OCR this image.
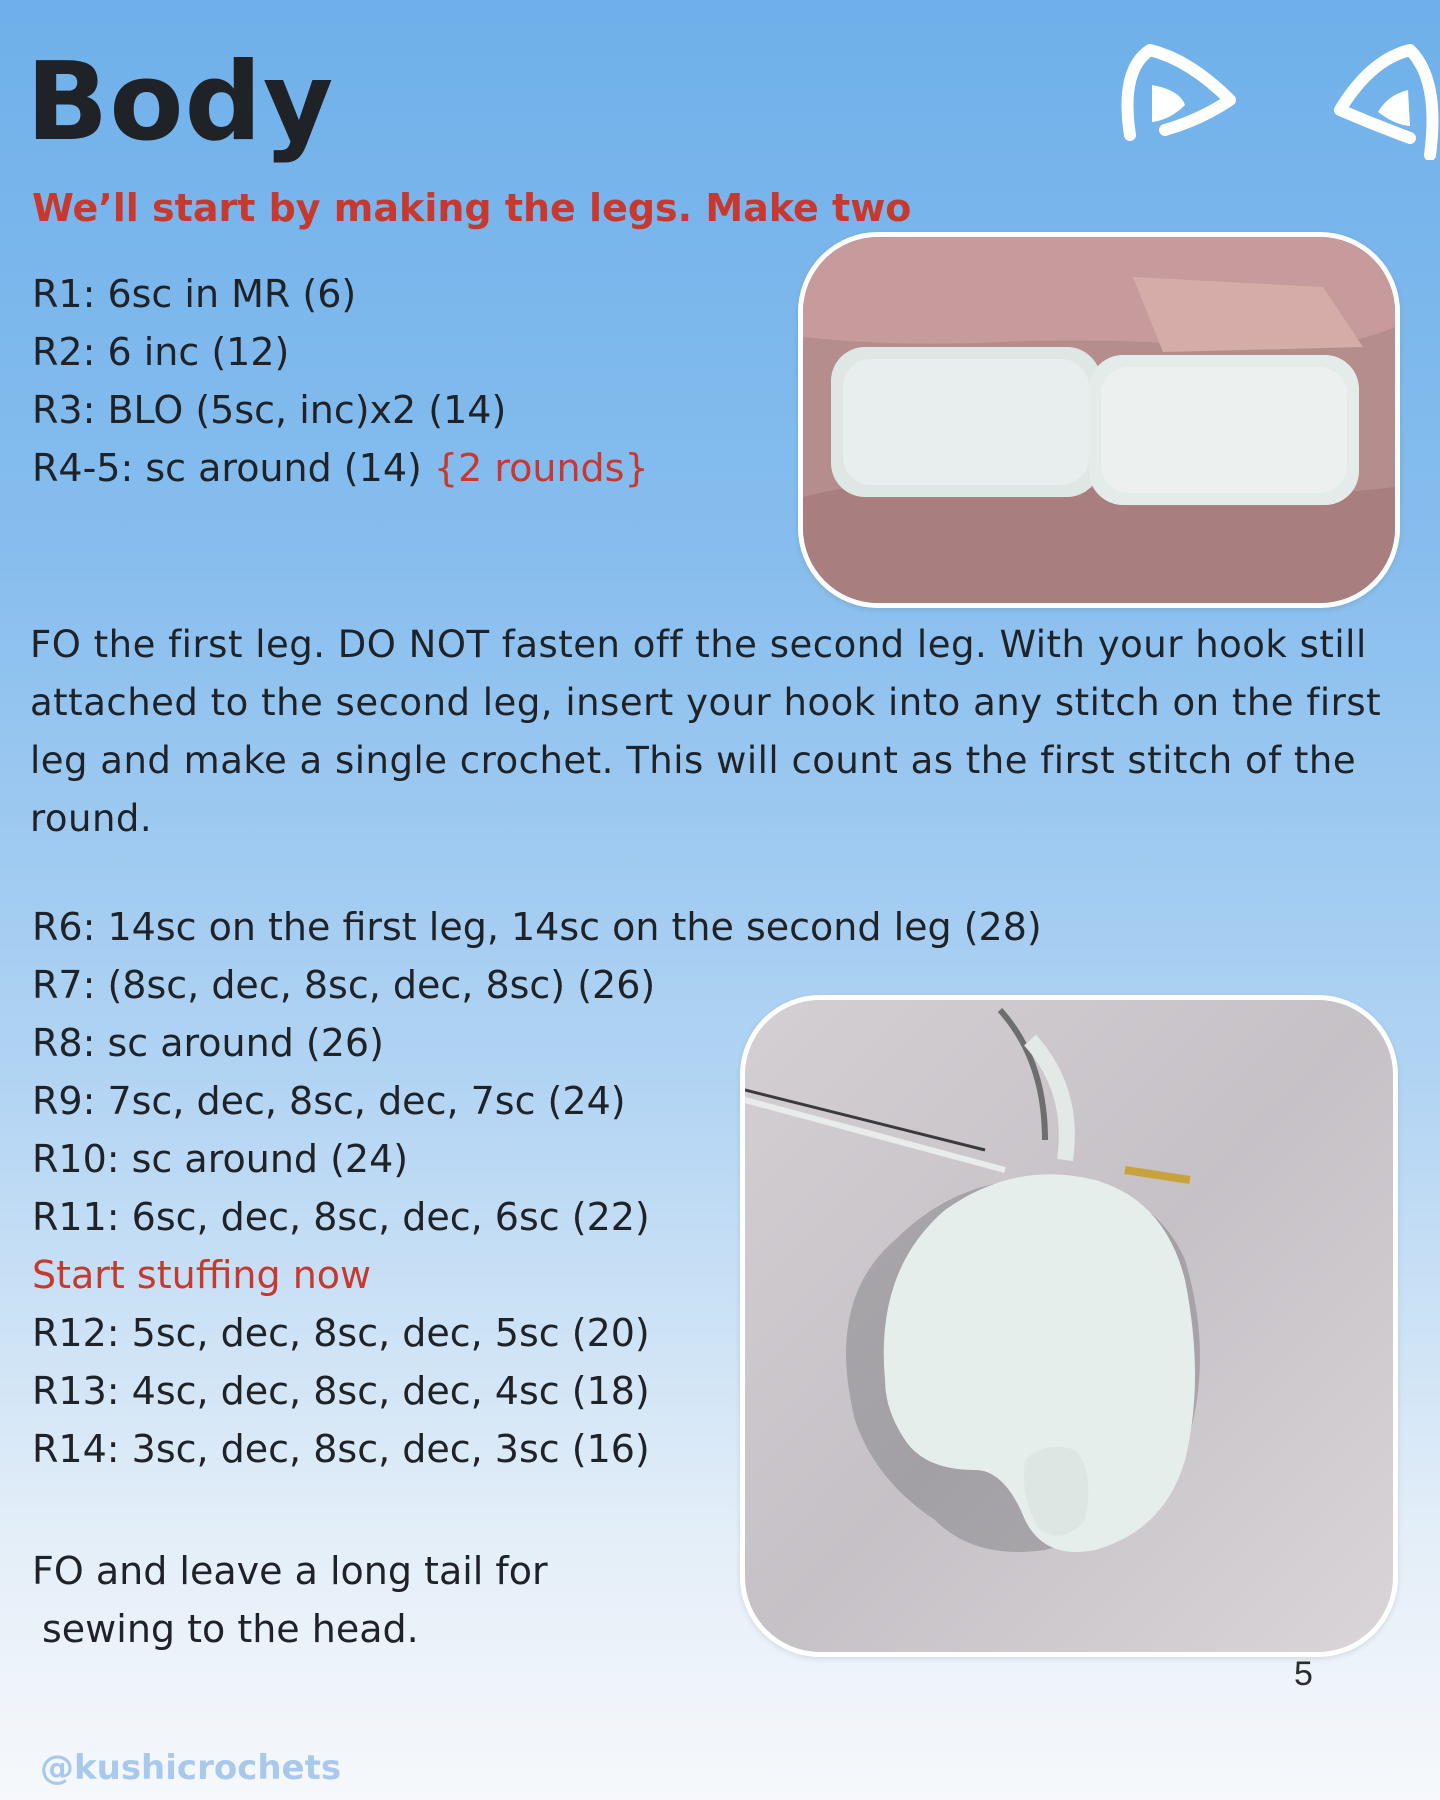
Body
We’ll start by making the legs. Make two
R1: 6sc in MR (6)
R2: 6 inc (12)
R3: BLO (5sc, inc)x2 (14)
R4-5: sc around (14) {2 rounds}
FO the first leg. DO NOT fasten off the second leg. With your hook still attached to the second leg, insert your hook into any stitch on the first leg and make a single crochet. This will count as the first stitch of the round.
R6: 14sc on the first leg, 14sc on the second leg (28)
R7: (8sc, dec, 8sc, dec, 8sc) (26)
R8: sc around (26)
R9: 7sc, dec, 8sc, dec, 7sc (24)
R10: sc around (24)
R11: 6sc, dec, 8sc, dec, 6sc (22)
Start stuffing now
R12: 5sc, dec, 8sc, dec, 5sc (20)
R13: 4sc, dec, 8sc, dec, 4sc (18)
R14: 3sc, dec, 8sc, dec, 3sc (16)
FO and leave a long tail for
sewing to the head.
5
@kushicrochets
